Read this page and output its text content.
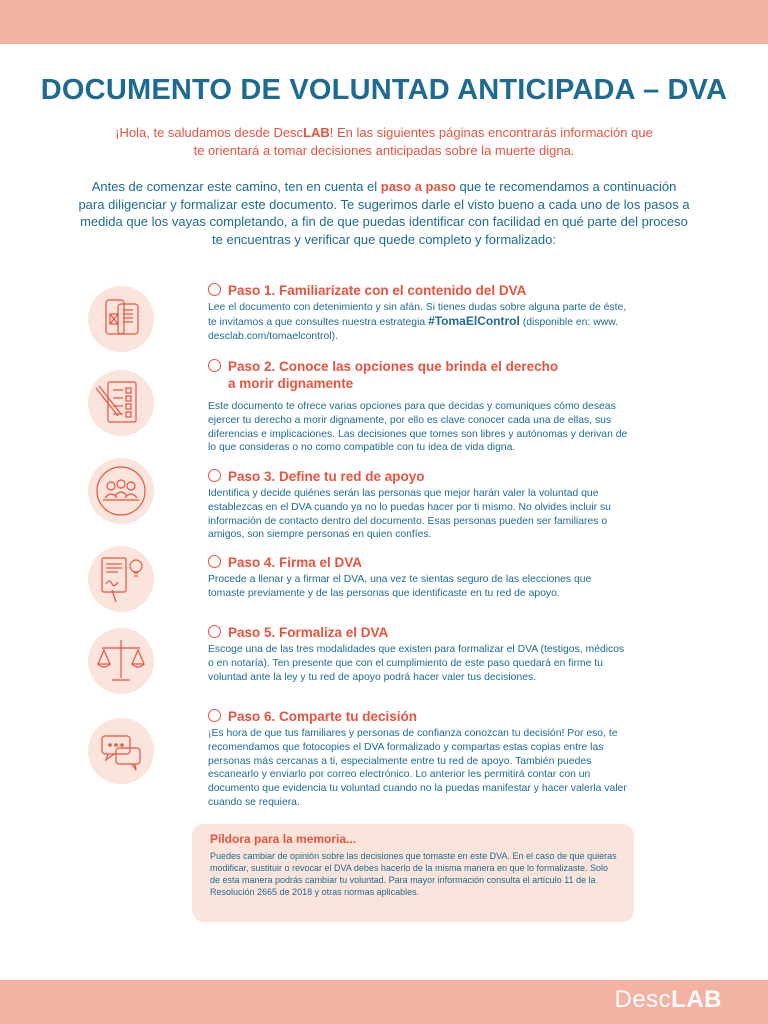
DOCUMENTO DE VOLUNTAD ANTICIPADA – DVA
¡Hola, te saludamos desde DescLAB! En las siguientes páginas encontrarás información que te orientará a tomar decisiones anticipadas sobre la muerte digna.
Antes de comenzar este camino, ten en cuenta el paso a paso que te recomendamos a continuación para diligenciar y formalizar este documento. Te sugerimos darle el visto bueno a cada uno de los pasos a medida que los vayas completando, a fin de que puedas identificar con facilidad en qué parte del proceso te encuentras y verificar que quede completo y formalizado:
Paso 1. Familiarízate con el contenido del DVA
Lee el documento con detenimiento y sin afán. Si tienes dudas sobre alguna parte de éste, te invitamos a que consultes nuestra estrategia #TomaElControl (disponible en: www. desclab.com/tomaelcontrol).
Paso 2. Conoce las opciones que brinda el derecho a morir dignamente
Este documento te ofrece varias opciones para que decidas y comuniques cómo deseas ejercer tu derecho a morir dignamente, por ello es clave conocer cada una de ellas, sus diferencias e implicaciones. Las decisiones que tomes son libres y autónomas y derivan de lo que consideras o no como compatible con tu idea de vida digna.
Paso 3. Define tu red de apoyo
Identifica y decide quiénes serán las personas que mejor harán valer la voluntad que establezcas en el DVA cuando ya no lo puedas hacer por ti mismo. No olvides incluir su información de contacto dentro del documento. Esas personas pueden ser familiares o amigos, son siempre personas en quien confíes.
Paso 4. Firma el DVA
Procede a llenar y a firmar el DVA, una vez te sientas seguro de las elecciones que tomaste previamente y de las personas que identificaste en tu red de apoyo.
Paso 5. Formaliza el DVA
Escoge una de las tres modalidades que existen para formalizar el DVA (testigos, médicos o en notaría). Ten presente que con el cumplimiento de este paso quedará en firme tu voluntad ante la ley y tu red de apoyo podrá hacer valer tus decisiones.
Paso 6. Comparte tu decisión
¡Es hora de que tus familiares y personas de confianza conozcan tu decisión! Por eso, te recomendamos que fotocopies el DVA formalizado y compartas estas copias entre las personas más cercanas a ti, especialmente entre tu red de apoyo. También puedes escanearlo y enviarlo por correo electrónico. Lo anterior les permitirá contar con un documento que evidencia tu voluntad cuando no la puedas manifestar y hacer valerla valer cuando se requiera.
Píldora para la memoria...
Puedes cambiar de opinión sobre las decisiones que tomaste en este DVA. En el caso de que quieras modificar, sustituir o revocar el DVA debes hacerlo de la misma manera en que lo formalizaste. Solo de esta manera podrás cambiar tu voluntad. Para mayor información consulta el artículo 11 de la Resolución 2665 de 2018 y otras normas aplicables.
DescLAB
